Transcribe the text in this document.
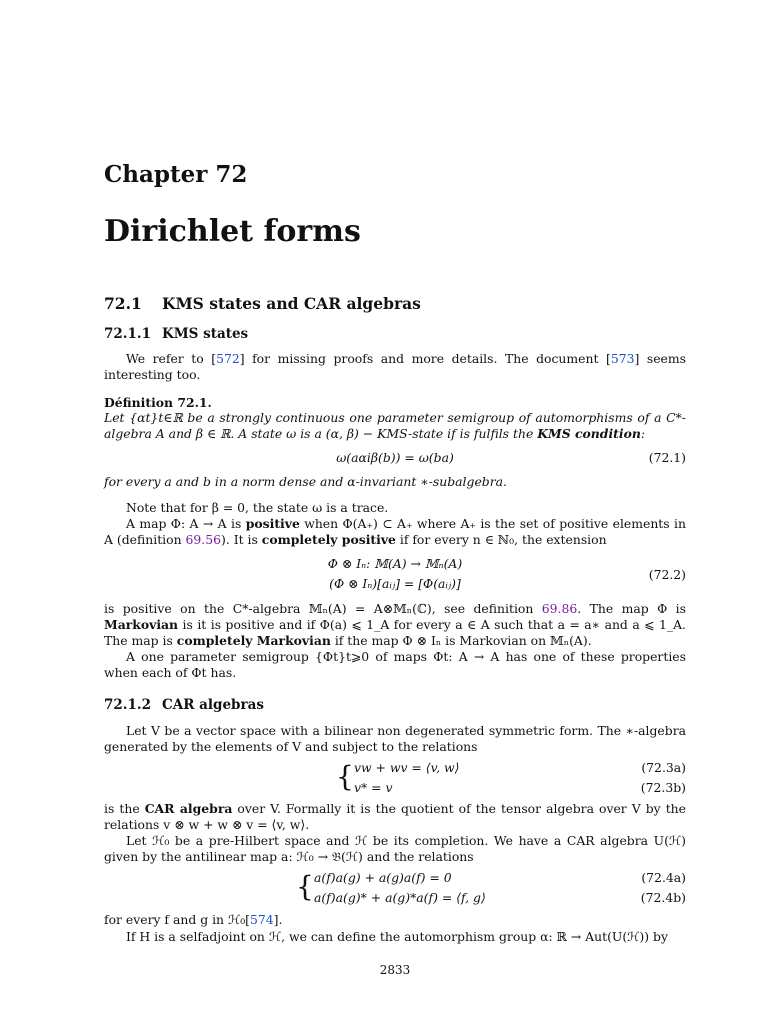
Chapter 72
Dirichlet forms
72.1 KMS states and CAR algebras
72.1.1 KMS states

We refer to [572] for missing proofs and more details. The document [573] seems interesting too.

Définition 72.1.

Let {αt}t∈ℝ be a strongly continuous one parameter semigroup of automorphisms of a C*-algebra A and β ∈ ℝ. A state ω is a (α, β) − KMS-state if is fulfils the KMS condition:

ω(aαiβ(b)) = ω(ba)	(72.1)

for every a and b in a norm dense and α-invariant ∗-subalgebra.

Note that for β = 0, the state ω is a trace.

A map Φ: A → A is positive when Φ(A₊) ⊂ A₊ where A₊ is the set of positive elements in A (definition 69.56). It is completely positive if for every n ∈ ℕ₀, the extension

Φ ⊗ Iₙ: 𝕄(A) → 𝕄ₙ(A)
(Φ ⊗ Iₙ)[aᵢⱼ] = [Φ(aᵢⱼ)]
(72.2)

is positive on the C*-algebra 𝕄ₙ(A) = A⊗𝕄ₙ(ℂ), see definition 69.86. The map Φ is Markovian is it is positive and if Φ(a) ⩽ 1_A for every a ∈ A such that a = a∗ and a ⩽ 1_A. The map is completely Markovian if the map Φ ⊗ Iₙ is Markovian on 𝕄ₙ(A).

A one parameter semigroup {Φt}t⩾0 of maps Φt: A → A has one of these properties when each of Φt has.

72.1.2 CAR algebras

Let V be a vector space with a bilinear non degenerated symmetric form. The ∗-algebra generated by the elements of V and subject to the relations

{ vw + wv = ⟨v, w⟩	(72.3a)
v* = v	(72.3b)

is the CAR algebra over V. Formally it is the quotient of the tensor algebra over V by the relations v ⊗ w + w ⊗ v = ⟨v, w⟩.

Let ℋ₀ be a pre-Hilbert space and ℋ be its completion. We have a CAR algebra U(ℋ) given by the antilinear map a: ℋ₀ → 𝔅(ℋ) and the relations

{ a(f)a(g) + a(g)a(f) = 0	(72.4a)
a(f)a(g)* + a(g)*a(f) = ⟨f, g⟩	(72.4b)

for every f and g in ℋ₀[574].

If H is a selfadjoint on ℋ, we can define the automorphism group α: ℝ → Aut(U(ℋ)) by

2833
